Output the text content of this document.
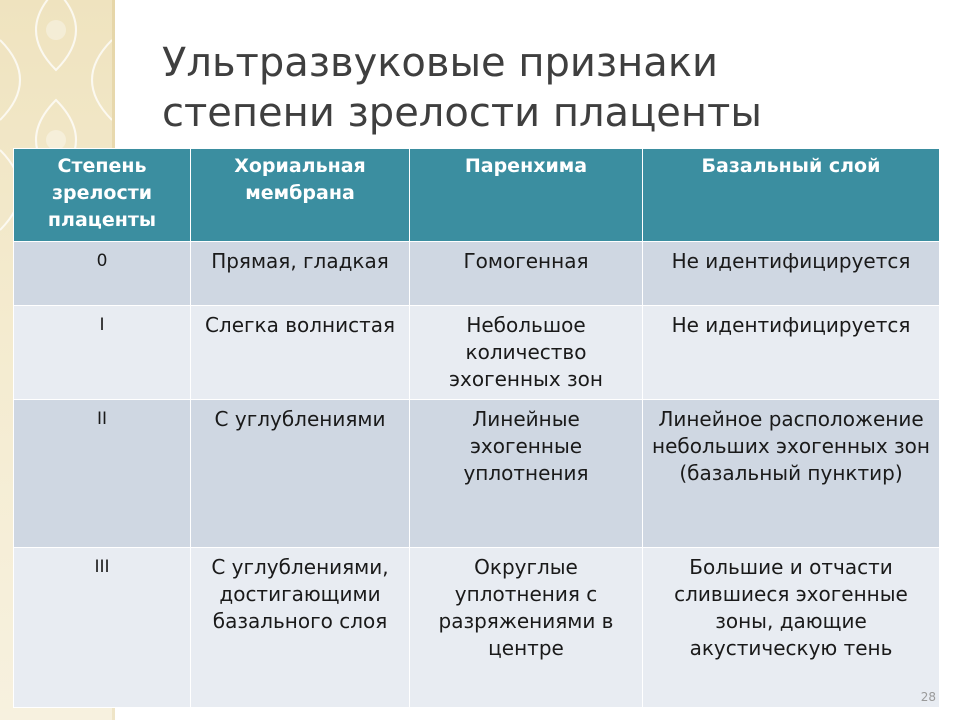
Ультразвуковые признаки
степени зрелости плаценты
Степень зрелости плаценты	Хориальная мембрана	Паренхима	Базальный слой
0	Прямая, гладкая	Гомогенная	Не идентифицируется
I	Слегка волнистая	Небольшое количество эхогенных зон	Не идентифицируется
II	С углублениями	Линейные эхогенные уплотнения	Линейное расположение небольших эхогенных зон (базальный пунктир)
III	С углублениями, достигающими базального слоя	Округлые уплотнения с разряжениями в центре	Большие и отчасти слившиеся эхогенные зоны, дающие акустическую тень
28
